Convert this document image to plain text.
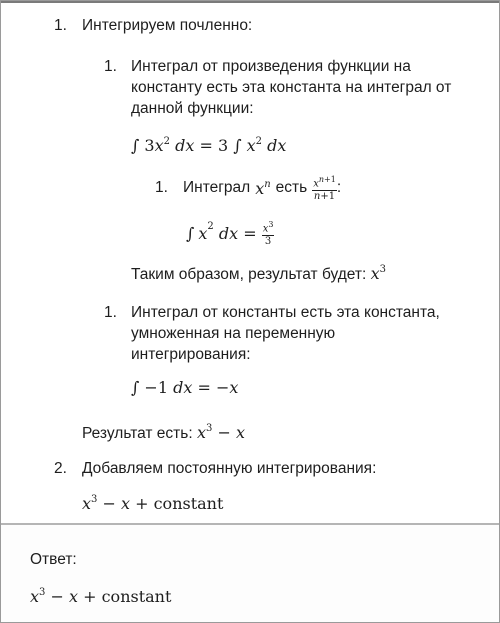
1. Интегрируем почленно:
1. Интеграл от произведения функции на
константу есть эта константа на интеграл от
данной функции:
∫ $3x^2$ dx = 3 ∫ $x^2$ dx
1. Интеграл $x^n$ есть $\frac{x^{n+1}}{n+1}$ :
∫ x 2
dx = $\frac{x^3}{3}$
Таким образом, результат будет: $x^3$
1. Интеграл от константы есть эта константа,
умноженная на переменную
интегрирования:
∫ −1 dx = −x
Результат есть: $x^3 - x$
2. Добавляем постоянную интегрирования:
$x^3 - x$ + constant
Ответ:
$x^3 - x$ + constant
